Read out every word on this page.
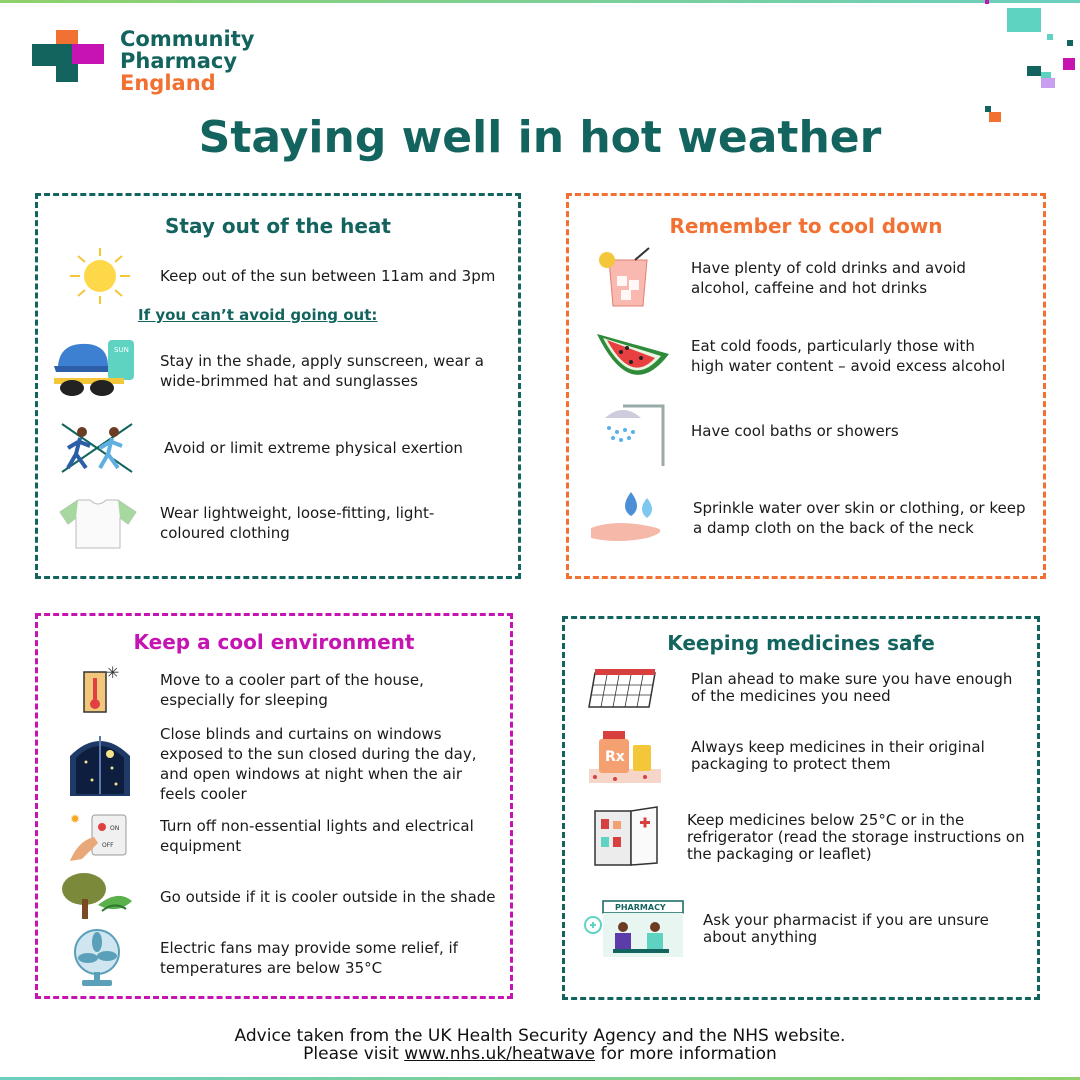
Community
Pharmacy
England
Staying well in hot weather
Stay out of the heat
Keep out of the sun between 11am and 3pm
If you can’t avoid going out:
SUN
Stay in the shade, apply sunscreen, wear a wide-brimmed hat and sunglasses
Avoid or limit extreme physical exertion
Wear lightweight, loose-fitting, light-coloured clothing
Remember to cool down
Have plenty of cold drinks and avoid alcohol, caffeine and hot drinks
Eat cold foods, particularly those with high water content – avoid excess alcohol
Have cool baths or showers
Sprinkle water over skin or clothing, or keep a damp cloth on the back of the neck
Keep a cool environment
✳	Move to a cooler part of the house, especially for sleeping
Close blinds and curtains on windows exposed to the sun closed during the day, and open windows at night when the air feels cooler
✹
ON
OFF
Turn off non-essential lights and electrical equipment
Go outside if it is cooler outside in the shade
Electric fans may provide some relief, if temperatures are below 35°C
Keeping medicines safe
Plan ahead to make sure you have enough of the medicines you need
Rx
Always keep medicines in their original packaging to protect them
Keep medicines below 25°C or in the refrigerator (read the storage instructions on the packaging or leaflet)
PHARMACY
Ask your pharmacist if you are unsure about anything
Advice taken from the UK Health Security Agency and the NHS website.
Please visit www.nhs.uk/heatwave for more information
